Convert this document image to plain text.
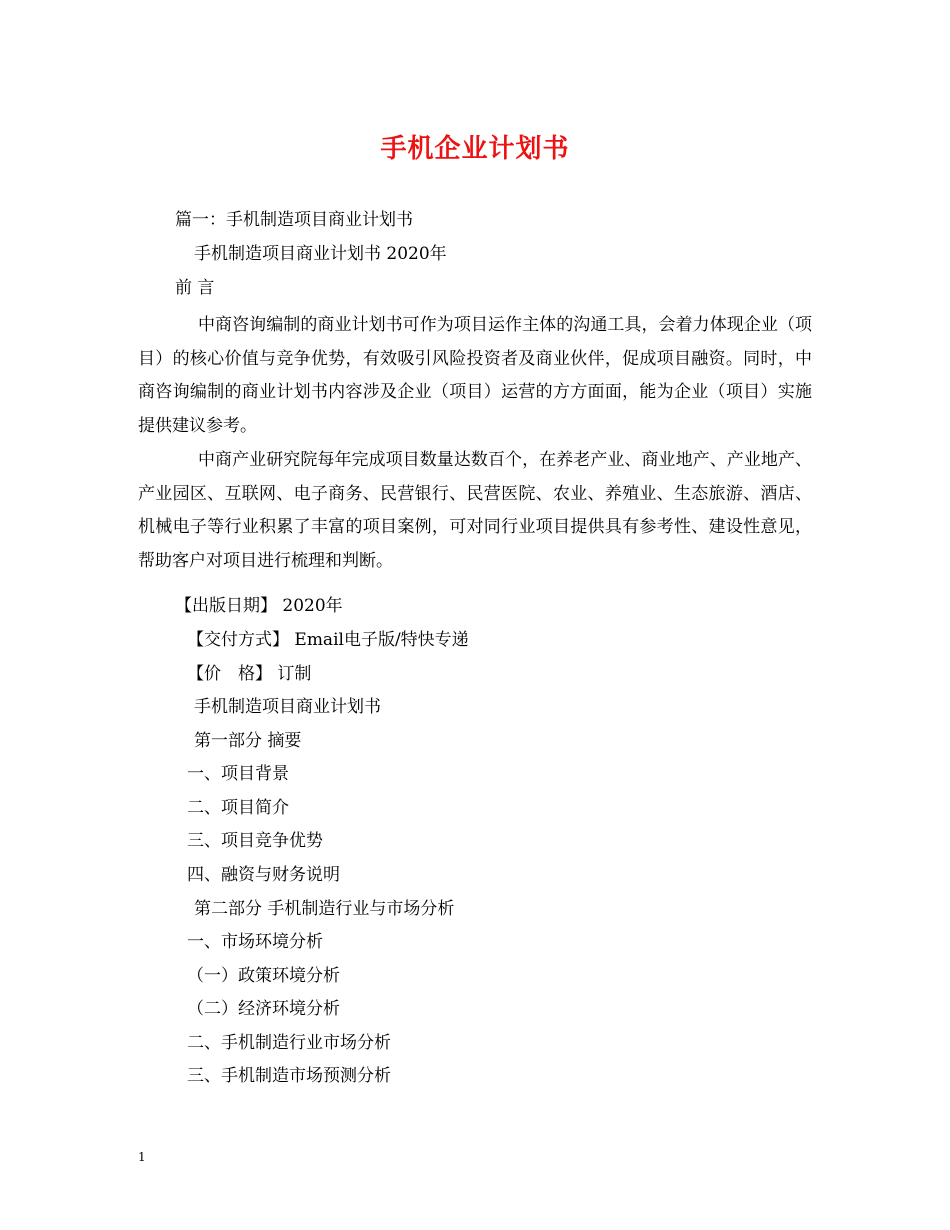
手机企业计划书
篇一：手机制造项目商业计划书
手机制造项目商业计划书 2020年
前 言
中商咨询编制的商业计划书可作为项目运作主体的沟通工具，会着力体现企业（项目）的核心价值与竞争优势，有效吸引风险投资者及商业伙伴，促成项目融资。同时，中商咨询编制的商业计划书内容涉及企业（项目）运营的方方面面，能为企业（项目）实施提供建议参考。
中商产业研究院每年完成项目数量达数百个，在养老产业、商业地产、产业地产、产业园区、互联网、电子商务、民营银行、民营医院、农业、养殖业、生态旅游、酒店、机械电子等行业积累了丰富的项目案例，可对同行业项目提供具有参考性、建设性意见，帮助客户对项目进行梳理和判断。
【出版日期】 2020年
【交付方式】 Email电子版/特快专递
【价　格】 订制
手机制造项目商业计划书
第一部分 摘要
一、项目背景
二、项目简介
三、项目竞争优势
四、融资与财务说明
第二部分 手机制造行业与市场分析
一、市场环境分析
（一）政策环境分析
（二）经济环境分析
二、手机制造行业市场分析
三、手机制造市场预测分析
1
